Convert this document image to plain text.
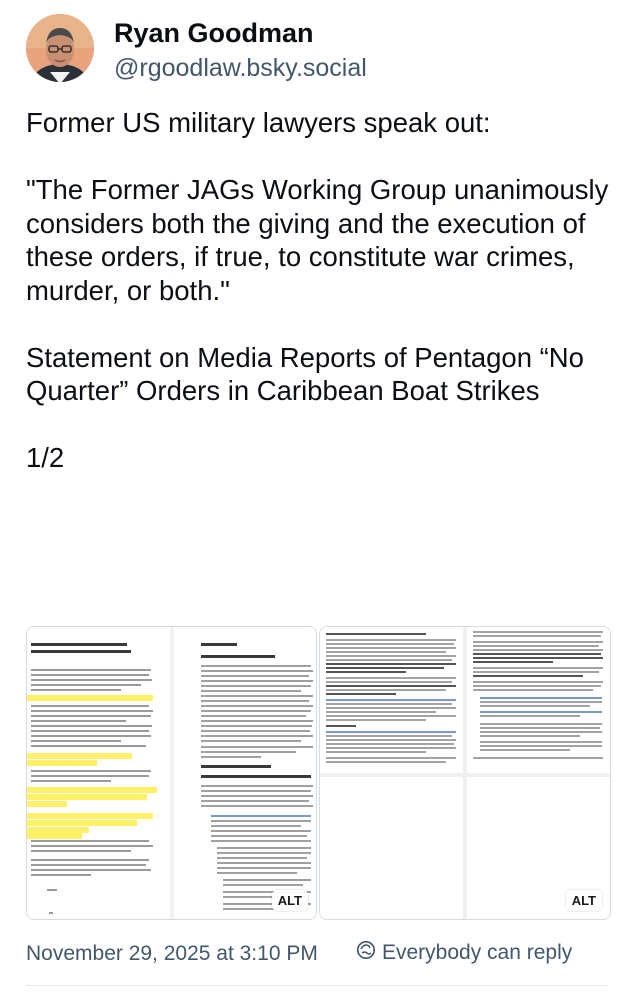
Ryan Goodman
@rgoodlaw.bsky.social
Former US military lawyers speak out:

"The Former JAGs Working Group unanimously considers both the giving and the execution of these orders, if true, to constitute war crimes, murder, or both."

Statement on Media Reports of Pentagon “No Quarter” Orders in Caribbean Boat Strikes

1/2
ALT	ALT
November 29, 2025 at 3:10 PM	Everybody can reply
